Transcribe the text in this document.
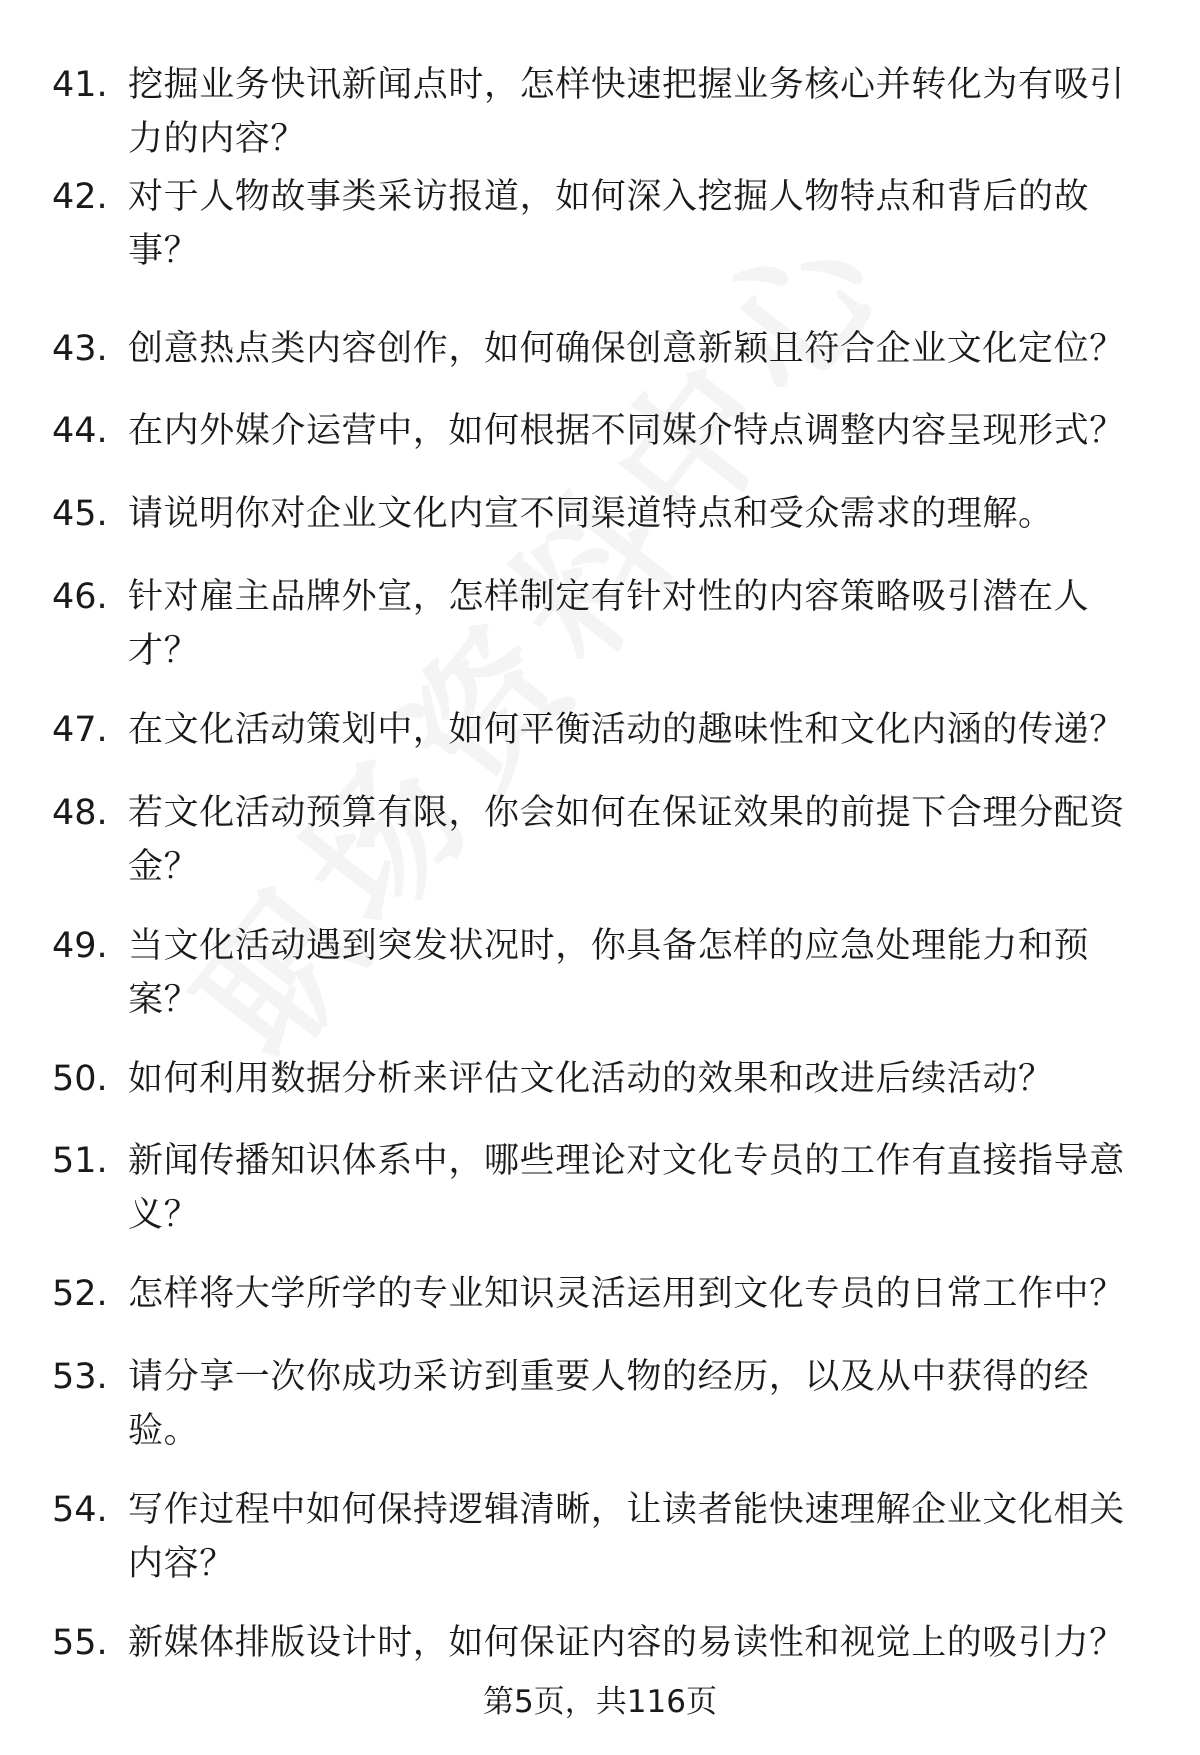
41. 挖掘业务快讯新闻点时，怎样快速把握业务核心并转化为有吸引力的内容？
42. 对于人物故事类采访报道，如何深入挖掘人物特点和背后的故事？
43. 创意热点类内容创作，如何确保创意新颖且符合企业文化定位？
44. 在内外媒介运营中，如何根据不同媒介特点调整内容呈现形式？
45. 请说明你对企业文化内宣不同渠道特点和受众需求的理解。
46. 针对雇主品牌外宣，怎样制定有针对性的内容策略吸引潜在人才？
47. 在文化活动策划中，如何平衡活动的趣味性和文化内涵的传递？
48. 若文化活动预算有限，你会如何在保证效果的前提下合理分配资金？
49. 当文化活动遇到突发状况时，你具备怎样的应急处理能力和预案？
50. 如何利用数据分析来评估文化活动的效果和改进后续活动？
51. 新闻传播知识体系中，哪些理论对文化专员的工作有直接指导意义？
52. 怎样将大学所学的专业知识灵活运用到文化专员的日常工作中？
53. 请分享一次你成功采访到重要人物的经历，以及从中获得的经验。
54. 写作过程中如何保持逻辑清晰，让读者能快速理解企业文化相关内容？
55. 新媒体排版设计时，如何保证内容的易读性和视觉上的吸引力？
第5页，共116页
